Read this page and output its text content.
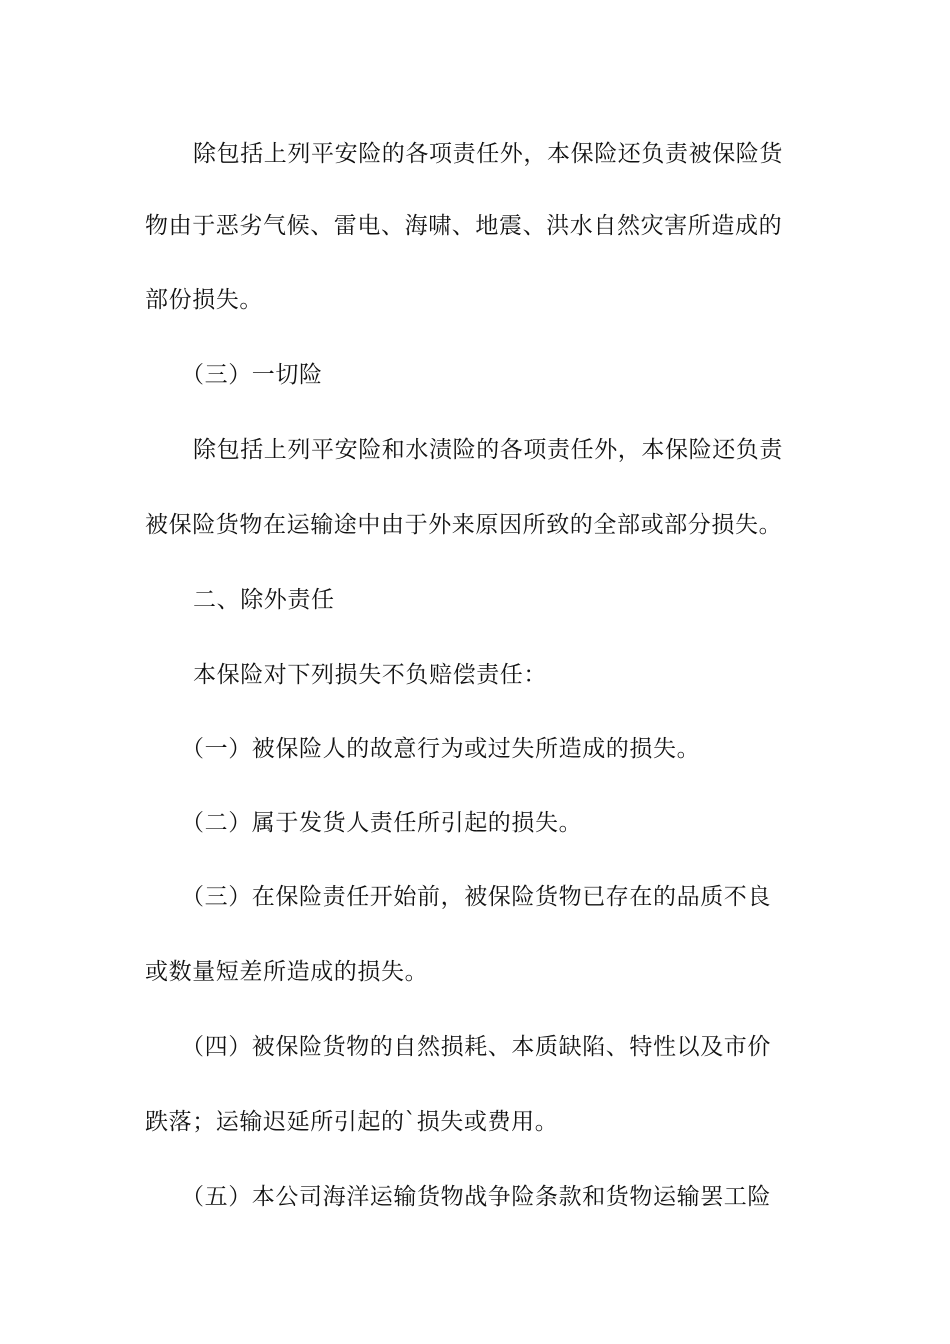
除包括上列平安险的各项责任外，本保险还负责被保险货
物由于恶劣气候、雷电、海啸、地震、洪水自然灾害所造成的
部份损失。
（三）一切险
除包括上列平安险和水渍险的各项责任外，本保险还负责
被保险货物在运输途中由于外来原因所致的全部或部分损失。
二、除外责任
本保险对下列损失不负赔偿责任：
（一）被保险人的故意行为或过失所造成的损失。
（二）属于发货人责任所引起的损失。
（三）在保险责任开始前，被保险货物已存在的品质不良
或数量短差所造成的损失。
（四）被保险货物的自然损耗、本质缺陷、特性以及市价
跌落；运输迟延所引起的`损失或费用。
（五）本公司海洋运输货物战争险条款和货物运输罢工险
